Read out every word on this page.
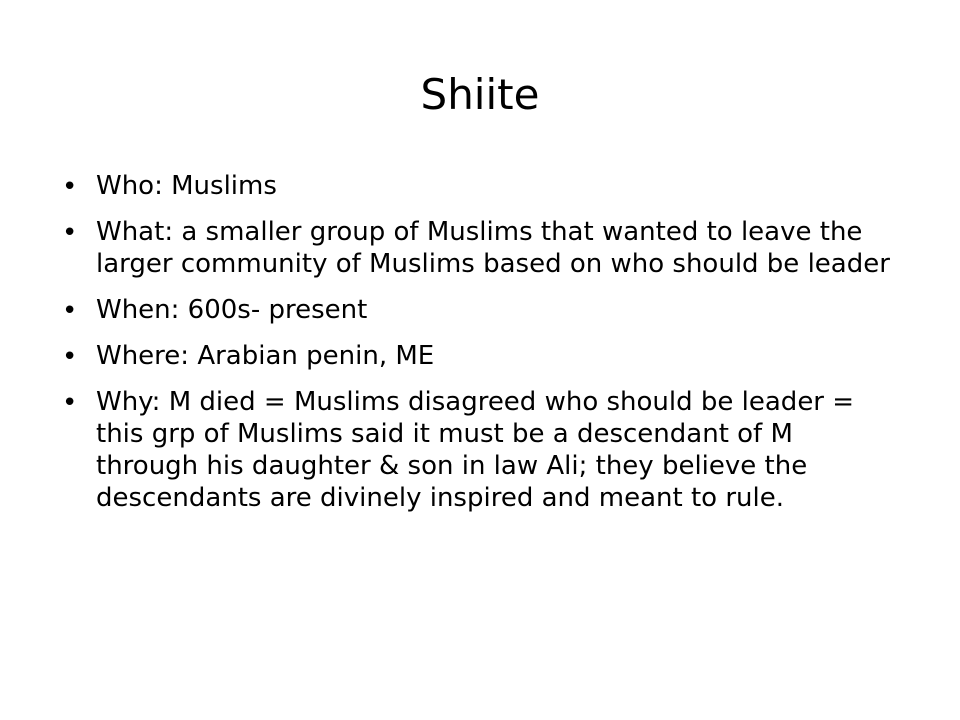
Shiite
• Who: Muslims
• What: a smaller group of Muslims that wanted to leave the larger community of Muslims based on who should be leader
• When: 600s- present
• Where: Arabian penin, ME
• Why: M died = Muslims disagreed who should be leader = this grp of Muslims said it must be a descendant of M through his daughter & son in law Ali; they believe the descendants are divinely inspired and meant to rule.
